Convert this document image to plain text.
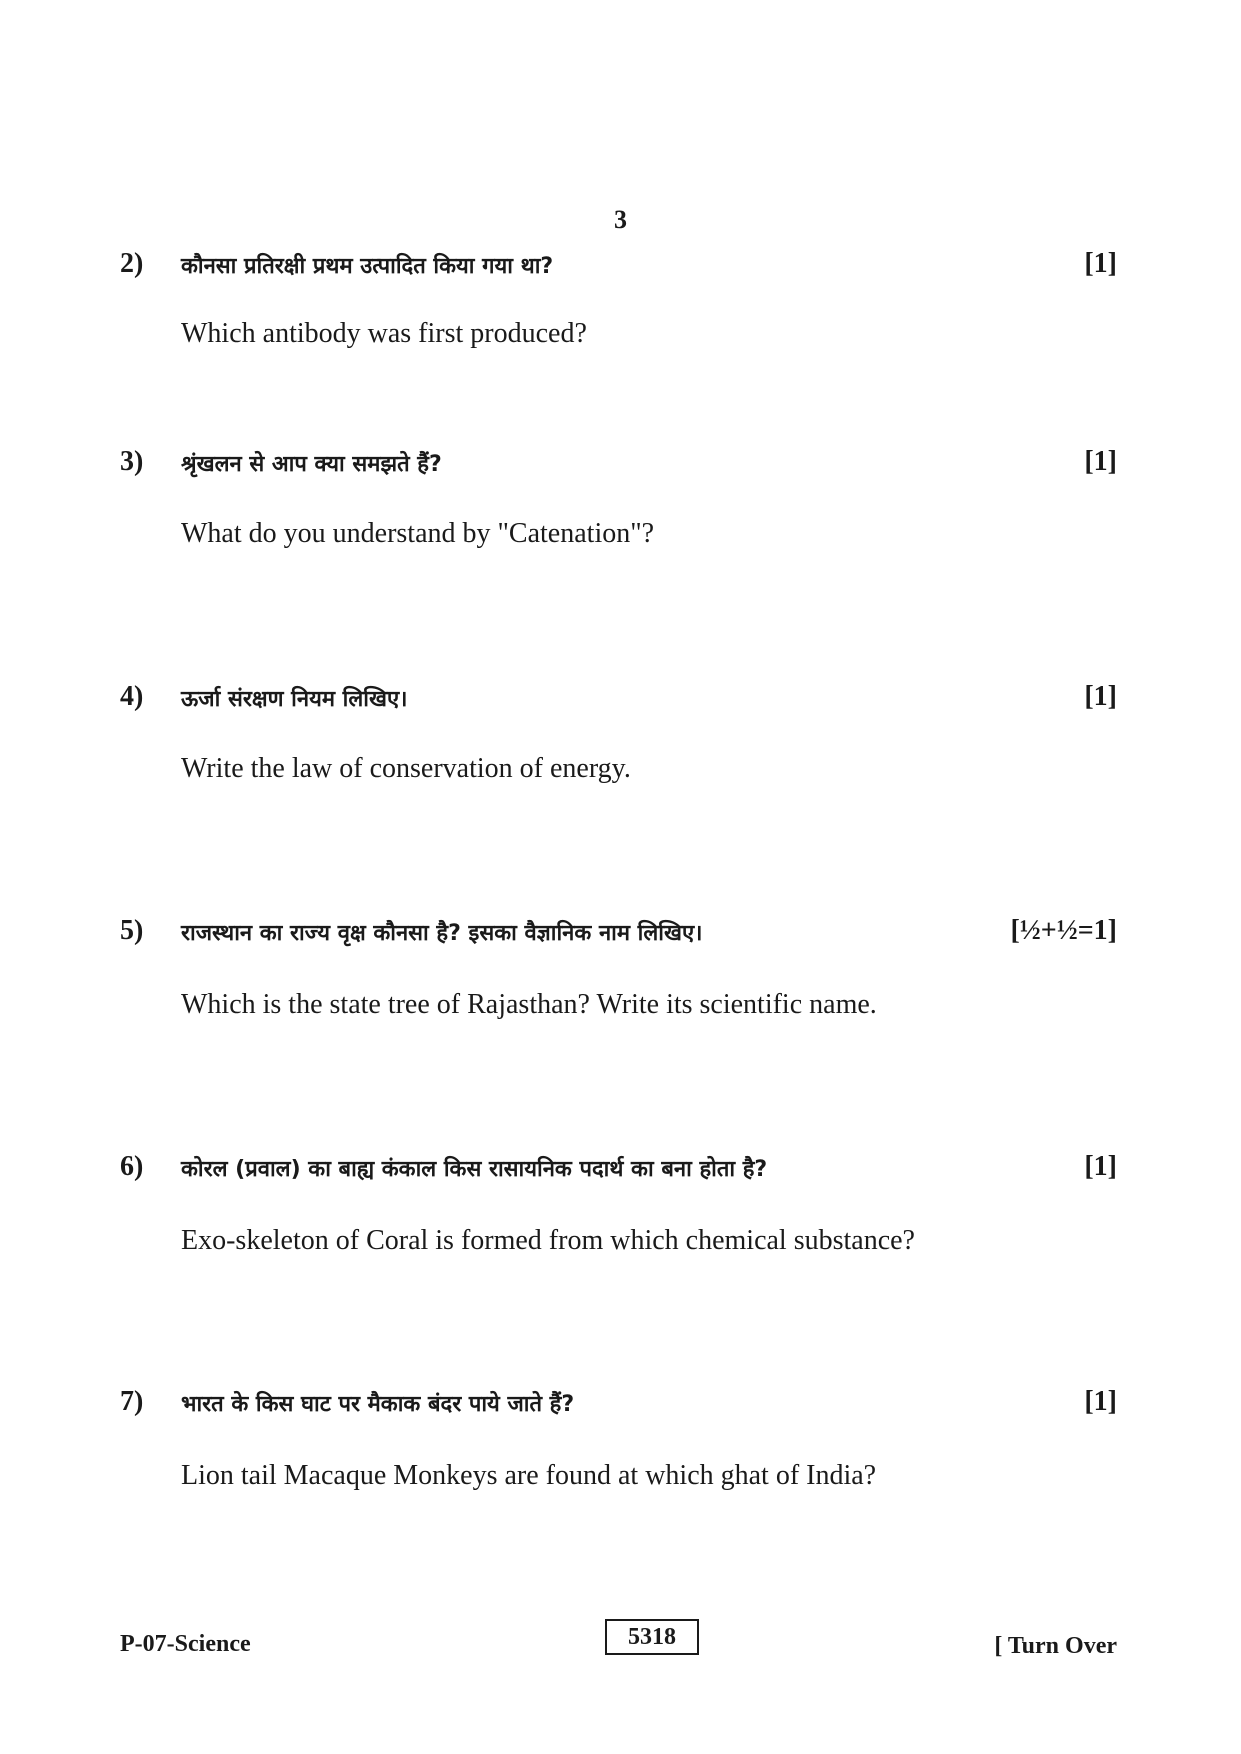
3
2) कौनसा प्रतिरक्षी प्रथम उत्पादित किया गया था?	[1]
Which antibody was first produced?
3) श्रृंखलन से आप क्या समझते हैं?	[1]
What do you understand by "Catenation"?
4) ऊर्जा संरक्षण नियम लिखिए।	[1]
Write the law of conservation of energy.
5) राजस्थान का राज्य वृक्ष कौनसा है? इसका वैज्ञानिक नाम लिखिए।	[½+½=1]
Which is the state tree of Rajasthan? Write its scientific name.
6) कोरल (प्रवाल) का बाह्य कंकाल किस रासायनिक पदार्थ का बना होता है?	[1]
Exo-skeleton of Coral is formed from which chemical substance?
7) भारत के किस घाट पर मैकाक बंदर पाये जाते हैं?	[1]
Lion tail Macaque Monkeys are found at which ghat of India?
P-07-Science	5318	[ Turn Over
